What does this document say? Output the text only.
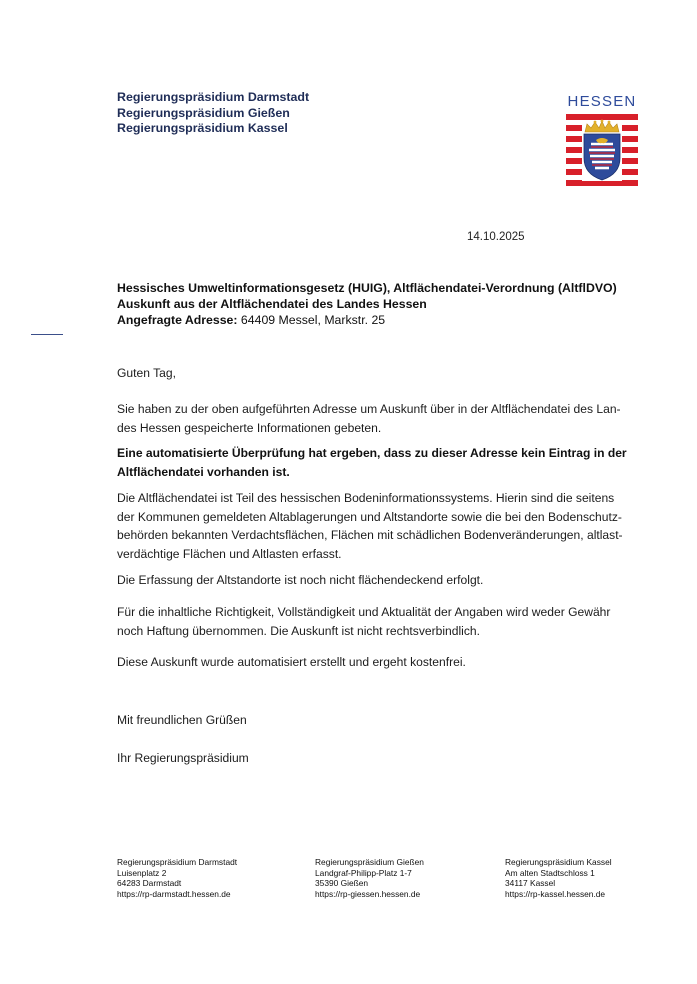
Regierungspräsidium Darmstadt
Regierungspräsidium Gießen
Regierungspräsidium Kassel
HESSEN
14.10.2025
Hessisches Umweltinformationsgesetz (HUIG), Altflächendatei-Verordnung (AltflDVO)
Auskunft aus der Altflächendatei des Landes Hessen
Angefragte Adresse: 64409 Messel, Markstr. 25
Guten Tag,
Sie haben zu der oben aufgeführten Adresse um Auskunft über in der Altflächendatei des Lan-
des Hessen gespeicherte Informationen gebeten.
Eine automatisierte Überprüfung hat ergeben, dass zu dieser Adresse kein Eintrag in der
Altflächendatei vorhanden ist.
Die Altflächendatei ist Teil des hessischen Bodeninformationssystems. Hierin sind die seitens
der Kommunen gemeldeten Altablagerungen und Altstandorte sowie die bei den Bodenschutz-
behörden bekannten Verdachtsflächen, Flächen mit schädlichen Bodenveränderungen, altlast-
verdächtige Flächen und Altlasten erfasst.
Die Erfassung der Altstandorte ist noch nicht flächendeckend erfolgt.
Für die inhaltliche Richtigkeit, Vollständigkeit und Aktualität der Angaben wird weder Gewähr
noch Haftung übernommen. Die Auskunft ist nicht rechtsverbindlich.
Diese Auskunft wurde automatisiert erstellt und ergeht kostenfrei.
Mit freundlichen Grüßen
Ihr Regierungspräsidium
Regierungspräsidium Darmstadt
Luisenplatz 2
64283 Darmstadt
https://rp-darmstadt.hessen.de
Regierungspräsidium Gießen
Landgraf-Philipp-Platz 1-7
35390 Gießen
https://rp-giessen.hessen.de
Regierungspräsidium Kassel
Am alten Stadtschloss 1
34117 Kassel
https://rp-kassel.hessen.de
